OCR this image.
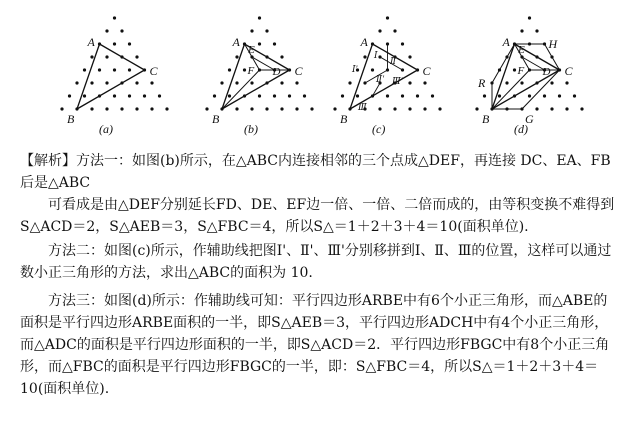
A
B
C
(a)
A
B
C
(b)
E
D
F
A
B
C
(c)
Ⅰ
Ⅱ
Ⅰ'
Ⅱ' Ⅲ'
Ⅲ
A
B
C
(d)
E
D
F
H
R
G

【解析】方法一：如图(b)所示，在△ABC内连接相邻的三个点成△DEF，再连接 DC、EA、FB后是△ABC

可看成是由△DEF分别延长FD、DE、EF边一倍、一倍、二倍而成的，由等积变换不难得到S△ACD＝2，S△AEB＝3，S△FBC＝4，所以S△＝1＋2＋3＋4＝10(面积单位).

方法二：如图(c)所示，作辅助线把图Ⅰ'、Ⅱ'、Ⅲ'分别移拼到Ⅰ、Ⅱ、Ⅲ的位置，这样可以通过数小正三角形的方法，求出△ABC的面积为 10.

方法三：如图(d)所示：作辅助线可知：平行四边形ARBE中有6个小正三角形，而△ABE的面积是平行四边形ARBE面积的一半，即S△AEB＝3，平行四边形ADCH中有4个小正三角形，而△ADC的面积是平行四边形面积的一半，即S△ACD＝2．平行四边形FBGC中有8个小正三角形，而△FBC的面积是平行四边形FBGC的一半，即：S△FBC＝4，所以S△＝1＋2＋3＋4＝10(面积单位).
